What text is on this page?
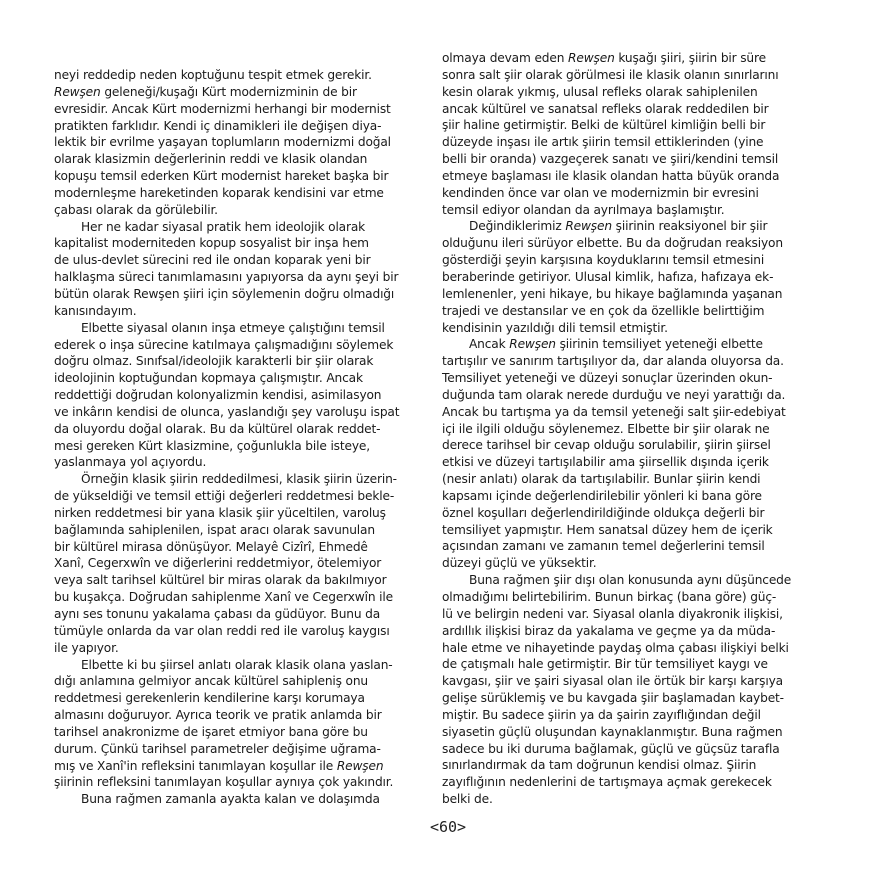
neyi reddedip neden koptuğunu tespit etmek gerekir.
Rewşen geleneği/kuşağı Kürt modernizminin de bir
evresidir. Ancak Kürt modernizmi herhangi bir modernist
pratikten farklıdır. Kendi iç dinamikleri ile değişen diya-
lektik bir evrilme yaşayan toplumların modernizmi doğal
olarak klasizmin değerlerinin reddi ve klasik olandan
kopuşu temsil ederken Kürt modernist hareket başka bir
modernleşme hareketinden koparak kendisini var etme
çabası olarak da görülebilir.
Her ne kadar siyasal pratik hem ideolojik olarak
kapitalist moderniteden kopup sosyalist bir inşa hem
de ulus-devlet sürecini red ile ondan koparak yeni bir
halklaşma süreci tanımlamasını yapıyorsa da aynı şeyi bir
bütün olarak Rewşen şiiri için söylemenin doğru olmadığı
kanısındayım.
Elbette siyasal olanın inşa etmeye çalıştığını temsil
ederek o inşa sürecine katılmaya çalışmadığını söylemek
doğru olmaz. Sınıfsal/ideolojik karakterli bir şiir olarak
ideolojinin koptuğundan kopmaya çalışmıştır. Ancak
reddettiği doğrudan kolonyalizmin kendisi, asimilasyon
ve inkârın kendisi de olunca, yaslandığı şey varoluşu ispat
da oluyordu doğal olarak. Bu da kültürel olarak reddet-
mesi gereken Kürt klasizmine, çoğunlukla bile isteye,
yaslanmaya yol açıyordu.
Örneğin klasik şiirin reddedilmesi, klasik şiirin üzerin-
de yükseldiği ve temsil ettiği değerleri reddetmesi bekle-
nirken reddetmesi bir yana klasik şiir yüceltilen, varoluş
bağlamında sahiplenilen, ispat aracı olarak savunulan
bir kültürel mirasa dönüşüyor. Melayê Cizîrî, Ehmedê
Xanî, Cegerxwîn ve diğerlerini reddetmiyor, ötelemiyor
veya salt tarihsel kültürel bir miras olarak da bakılmıyor
bu kuşakça. Doğrudan sahiplenme Xanî ve Cegerxwîn ile
aynı ses tonunu yakalama çabası da güdüyor. Bunu da
tümüyle onlarda da var olan reddi red ile varoluş kaygısı
ile yapıyor.
Elbette ki bu şiirsel anlatı olarak klasik olana yaslan-
dığı anlamına gelmiyor ancak kültürel sahipleniş onu
reddetmesi gerekenlerin kendilerine karşı korumaya
almasını doğuruyor. Ayrıca teorik ve pratik anlamda bir
tarihsel anakronizme de işaret etmiyor bana göre bu
durum. Çünkü tarihsel parametreler değişime uğrama-
mış ve Xanî'in refleksini tanımlayan koşullar ile Rewşen
şiirinin refleksini tanımlayan koşullar aynıya çok yakındır.
Buna rağmen zamanla ayakta kalan ve dolaşımda
olmaya devam eden Rewşen kuşağı şiiri, şiirin bir süre
sonra salt şiir olarak görülmesi ile klasik olanın sınırlarını
kesin olarak yıkmış, ulusal refleks olarak sahiplenilen
ancak kültürel ve sanatsal refleks olarak reddedilen bir
şiir haline getirmiştir. Belki de kültürel kimliğin belli bir
düzeyde inşası ile artık şiirin temsil ettiklerinden (yine
belli bir oranda) vazgeçerek sanatı ve şiiri/kendini temsil
etmeye başlaması ile klasik olandan hatta büyük oranda
kendinden önce var olan ve modernizmin bir evresini
temsil ediyor olandan da ayrılmaya başlamıştır.
Değindiklerimiz Rewşen şiirinin reaksiyonel bir şiir
olduğunu ileri sürüyor elbette. Bu da doğrudan reaksiyon
gösterdiği şeyin karşısına koyduklarını temsil etmesini
beraberinde getiriyor. Ulusal kimlik, hafıza, hafızaya ek-
lemlenenler, yeni hikaye, bu hikaye bağlamında yaşanan
trajedi ve destansılar ve en çok da özellikle belirttiğim
kendisinin yazıldığı dili temsil etmiştir.
Ancak Rewşen şiirinin temsiliyet yeteneği elbette
tartışılır ve sanırım tartışılıyor da, dar alanda oluyorsa da.
Temsiliyet yeteneği ve düzeyi sonuçlar üzerinden okun-
duğunda tam olarak nerede durduğu ve neyi yarattığı da.
Ancak bu tartışma ya da temsil yeteneği salt şiir-edebiyat
içi ile ilgili olduğu söylenemez. Elbette bir şiir olarak ne
derece tarihsel bir cevap olduğu sorulabilir, şiirin şiirsel
etkisi ve düzeyi tartışılabilir ama şiirsellik dışında içerik
(nesir anlatı) olarak da tartışılabilir. Bunlar şiirin kendi
kapsamı içinde değerlendirilebilir yönleri ki bana göre
öznel koşulları değerlendirildiğinde oldukça değerli bir
temsiliyet yapmıştır. Hem sanatsal düzey hem de içerik
açısından zamanı ve zamanın temel değerlerini temsil
düzeyi güçlü ve yüksektir.
Buna rağmen şiir dışı olan konusunda aynı düşüncede
olmadığımı belirtebilirim. Bunun birkaç (bana göre) güç-
lü ve belirgin nedeni var. Siyasal olanla diyakronik ilişkisi,
ardıllık ilişkisi biraz da yakalama ve geçme ya da müda-
hale etme ve nihayetinde paydaş olma çabası ilişkiyi belki
de çatışmalı hale getirmiştir. Bir tür temsiliyet kaygı ve
kavgası, şiir ve şairi siyasal olan ile örtük bir karşı karşıya
gelişe sürüklemiş ve bu kavgada şiir başlamadan kaybet-
miştir. Bu sadece şiirin ya da şairin zayıflığından değil
siyasetin güçlü oluşundan kaynaklanmıştır. Buna rağmen
sadece bu iki duruma bağlamak, güçlü ve güçsüz tarafla
sınırlandırmak da tam doğrunun kendisi olmaz. Şiirin
zayıflığının nedenlerini de tartışmaya açmak gerekecek
belki de.
<60>
